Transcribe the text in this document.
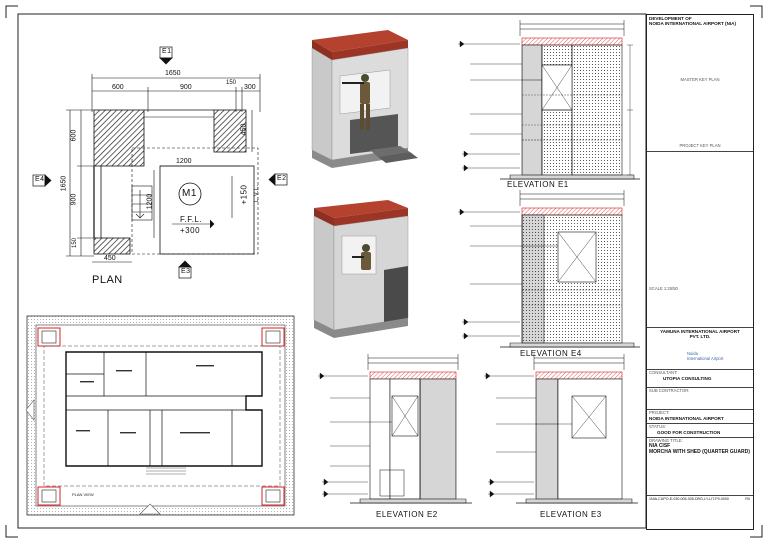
PLAN
1650
600	900
150
300
1650
600
900
150
450
1200
1200
450
M1
F.F.L.
+300
+150 L.V.L.
E1
E4	E2
E3
ELEVATION E1
ELEVATION E4
ELEVATION E2	ELEVATION E3
PLAN VIEW
DEVELOPMENT OF
NOIDA INTERNATIONAL AIRPORT (NIA)
MASTER KEY PLAN
PROJECT KEY PLAN
SCALE 1:25/50
YAMUNA INTERNATIONAL AIRPORT
PVT. LTD.
Noida
International Airport
CONSULTANT:
UTOPIA CONSULTING
SUB CONTRACTOR:
PROJECT:
NOIDA INTERNATIONAL AIRPORT
STATUS:
GOOD FOR CONSTRUCTION
DRAWING TITLE:
NIA CISF
MORCHA WITH SHED (QUARTER GUARD)
1NIA-CUPO-E-030-005-005-DRG-LY-LIT-P0-0000	R0
